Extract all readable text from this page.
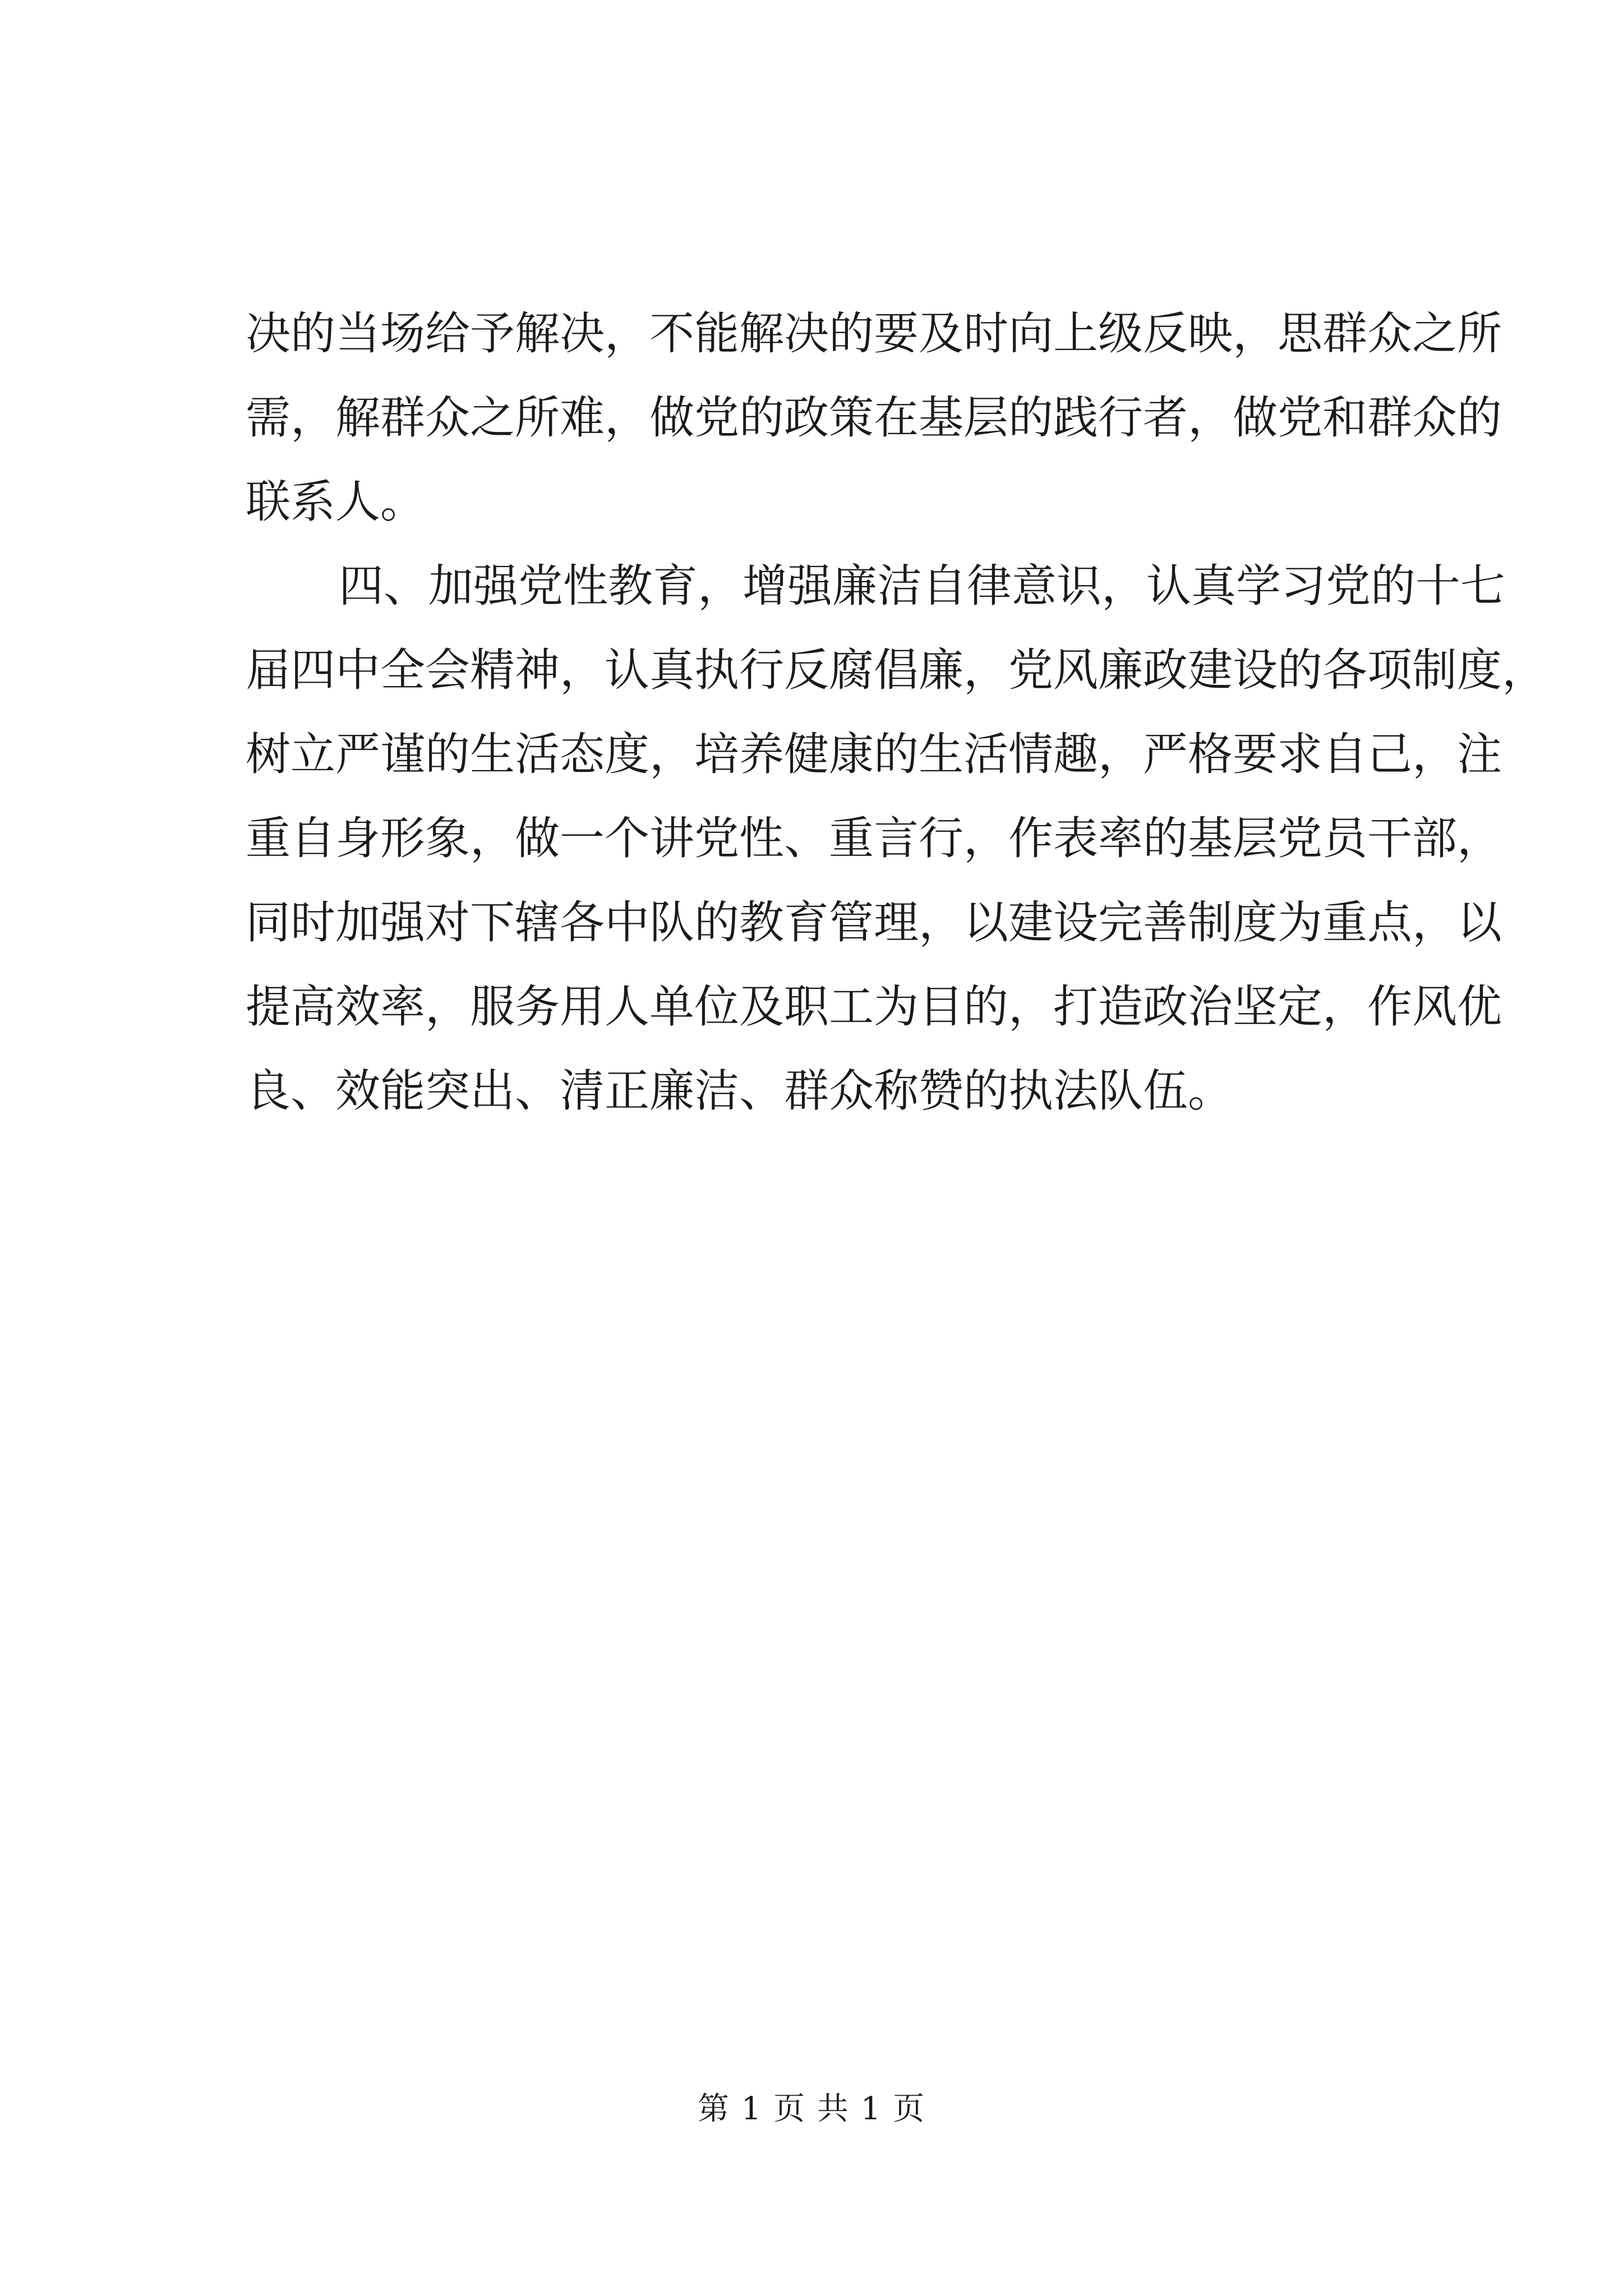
决的当场给予解决，不能解决的要及时向上级反映，思群众之所
需，解群众之所难，做党的政策在基层的践行者，做党和群众的
联系人。
四、加强党性教育，增强廉洁自律意识，认真学习党的十七
届四中全会精神，认真执行反腐倡廉，党风廉政建设的各项制度，
树立严谨的生活态度，培养健康的生活情趣，严格要求自己，注
重自身形象，做一个讲党性、重言行，作表率的基层党员干部，
同时加强对下辖各中队的教育管理，以建设完善制度为重点，以
提高效率，服务用人单位及职工为目的，打造政治坚定，作风优
良、效能突出、清正廉洁、群众称赞的执法队伍。
第 1 页 共 1 页
